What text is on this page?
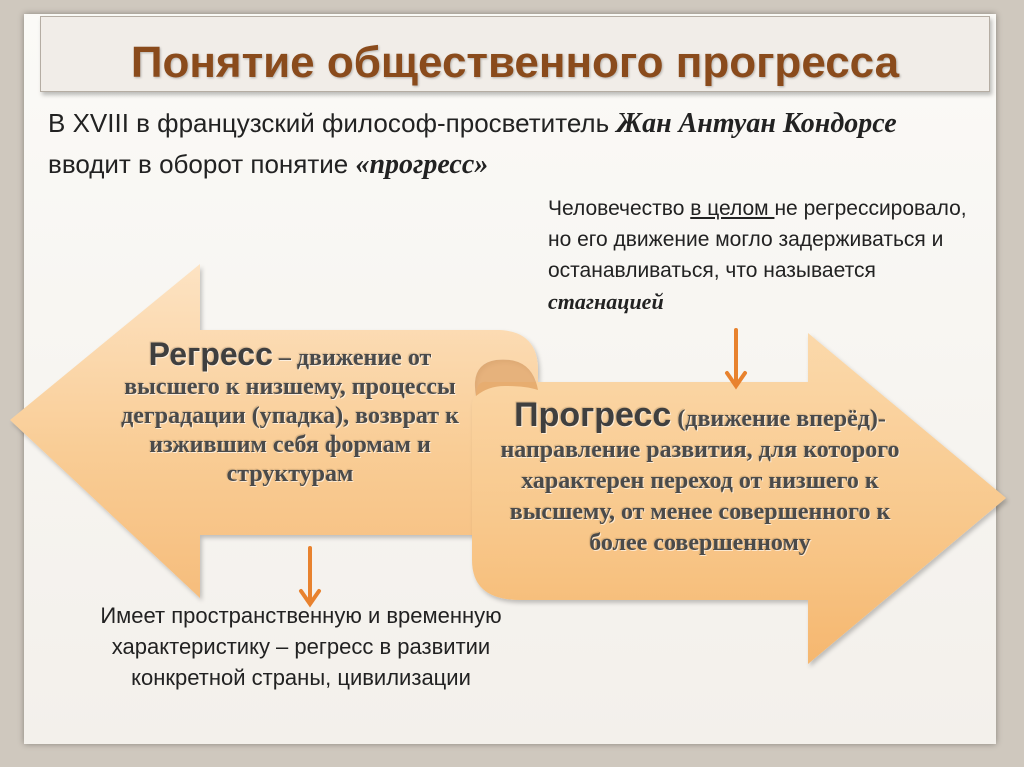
Понятие общественного прогресса
В XVIII в французский философ-просветитель Жан Антуан Кондорсе вводит в оборот понятие «прогресс»
Человечество в целом не регрессировало, но его движение могло задерживаться и останавливаться, что называется стагнацией
Регресс – движение от высшего к низшему, процессы деградации (упадка), возврат к изжившим себя формам и структурам
Прогресс (движение вперёд)-
направление развития, для которого характерен переход от низшего к высшему, от менее совершенного к более совершенному
Имеет пространственную и временную характеристику – регресс в развитии конкретной страны, цивилизации
